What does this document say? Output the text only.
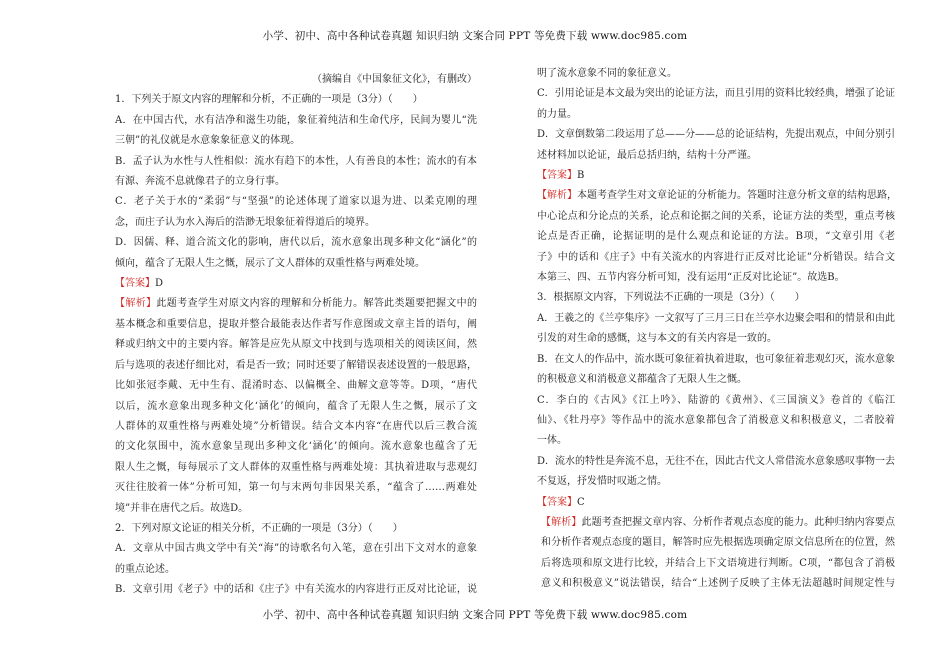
小学、初中、高中各种试卷真题 知识归纳 文案合同 PPT 等免费下载 www.doc985.com
（摘编自《中国象征文化》，有删改）
1．下列关于原文内容的理解和分析，不正确的一项是（3分）（　　）
A．在中国古代，水有洁净和滋生功能，象征着纯洁和生命代序，民间为婴儿“洗
三朝”的礼仪就是水意象象征意义的体现。
B．孟子认为水性与人性相似：流水有趋下的本性，人有善良的本性；流水的有本
有源、奔流不息就像君子的立身行事。
C．老子关于水的“柔弱”与“坚强”的论述体现了道家以退为进、以柔克刚的理
念，而庄子认为水入海后的浩渺无垠象征着得道后的境界。
D．因儒、释、道合流文化的影响，唐代以后，流水意象出现多种文化“涵化”的
倾向，蕴含了无限人生之慨，展示了文人群体的双重性格与两难处境。
【答案】D
【解析】此题考查学生对原文内容的理解和分析能力。解答此类题要把握文中的
基本概念和重要信息，提取并整合最能表达作者写作意图或文章主旨的语句，阐
释或归纳文中的主要内容。解答是应先从原文中找到与选项相关的阅读区间，然
后与选项的表述仔细比对，看是否一致；同时还要了解错误表述设置的一般思路，
比如张冠李戴、无中生有、混淆时态、以偏概全、曲解文意等等。D项，“唐代
以后，流水意象出现多种文化‘涵化’的倾向，蕴含了无限人生之慨，展示了文
人群体的双重性格与两难处境”分析错误。结合文本内容“在唐代以后三教合流
的文化氛围中，流水意象呈现出多种文化‘涵化’的倾向。流水意象也蕴含了无
限人生之慨，每每展示了文人群体的双重性格与两难处境：其执着进取与悲观幻
灭往往胶着一体”分析可知，第一句与末两句非因果关系，“蕴含了……两难处
境”并非在唐代之后。故选D。
2．下列对原文论证的相关分析，不正确的一项是（3分）（　　）
A．文章从中国古典文学中有关“海”的诗歌名句入笔，意在引出下文对水的意象
的重点论述。
B．文章引用《老子》中的话和《庄子》中有关流水的内容进行正反对比论证，说
明了流水意象不同的象征意义。
C．引用论证是本文最为突出的论证方法，而且引用的资料比较经典，增强了论证
的力量。
D．文章倒数第二段运用了总——分——总的论证结构，先提出观点，中间分别引
述材料加以论证，最后总括归纳，结构十分严谨。
【答案】B
【解析】本题考查学生对文章论证的分析能力。答题时注意分析文章的结构思路，
中心论点和分论点的关系，论点和论据之间的关系，论证方法的类型，重点考核
论点是否正确，论据证明的是什么观点和论证的方法。B项，“文章引用《老
子》中的话和《庄子》中有关流水的内容进行正反对比论证”分析错误。结合文
本第三、四、五节内容分析可知，没有运用“正反对比论证”。故选B。
3．根据原文内容，下列说法不正确的一项是（3分）（　　）
A．王羲之的《兰亭集序》一文叙写了三月三日在兰亭水边聚会唱和的情景和由此
引发的对生命的感慨，这与本文的有关内容是一致的。
B．在文人的作品中，流水既可象征着执着进取，也可象征着悲观幻灭，流水意象
的积极意义和消极意义都蕴含了无限人生之慨。
C．李白的《古风》《江上吟》、陆游的《黄州》、《三国演义》卷首的《临江
仙》、《牡丹亭》等作品中的流水意象都包含了消极意义和积极意义，二者胶着
一体。
D．流水的特性是奔流不息，无往不在，因此古代文人常借流水意象感叹事物一去
不复返，抒发惜时叹逝之情。
【答案】C
【解析】此题考查把握文章内容、分析作者观点态度的能力。此种归纳内容要点
和分析作者观点态度的题目，解答时应先根据选项确定原文信息所在的位置，然
后将选项和原文进行比较，并结合上下文语境进行判断。C项，“都包含了消极
意义和积极意义”说法错误，结合“上述例子反映了主体无法超越时间规定性与
小学、初中、高中各种试卷真题 知识归纳 文案合同 PPT 等免费下载 www.doc985.com
